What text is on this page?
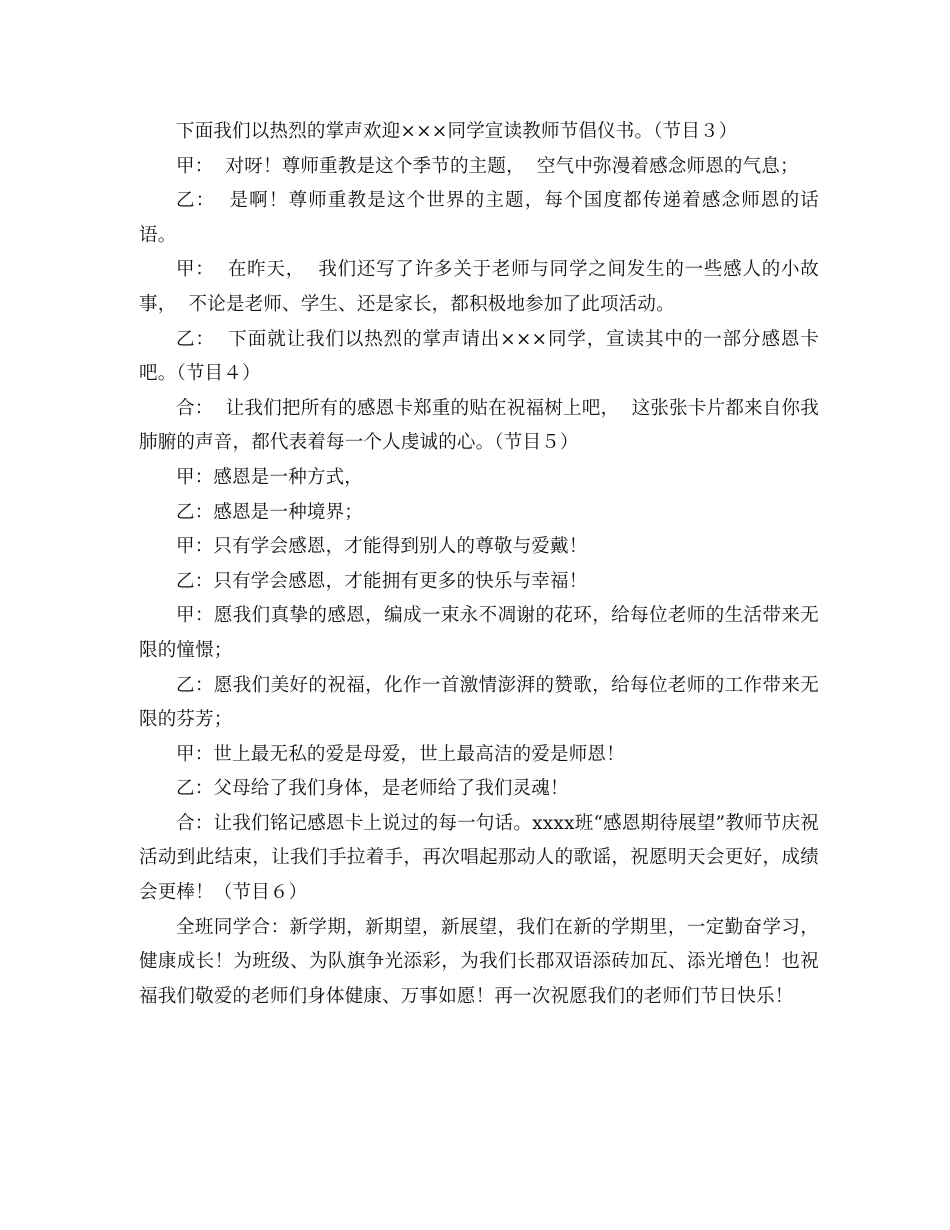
下面我们以热烈的掌声欢迎×××同学宣读教师节倡仪书。（节目３）

甲：  对呀！尊师重教是这个季节的主题，  空气中弥漫着感念师恩的气息；

乙：  是啊！尊师重教是这个世界的主题，每个国度都传递着感念师恩的话语。

甲：  在昨天，  我们还写了许多关于老师与同学之间发生的一些感人的小故事，  不论是老师、学生、还是家长，都积极地参加了此项活动。

乙：  下面就让我们以热烈的掌声请出×××同学，宣读其中的一部分感恩卡吧。（节目４）

合：  让我们把所有的感恩卡郑重的贴在祝福树上吧，  这张张卡片都来自你我肺腑的声音，都代表着每一个人虔诚的心。（节目５）

甲：感恩是一种方式，

乙：感恩是一种境界；

甲：只有学会感恩，才能得到别人的尊敬与爱戴！

乙：只有学会感恩，才能拥有更多的快乐与幸福！

甲：愿我们真挚的感恩，编成一束永不凋谢的花环，给每位老师的生活带来无限的憧憬；

乙：愿我们美好的祝福，化作一首激情澎湃的赞歌，给每位老师的工作带来无限的芬芳；

甲：世上最无私的爱是母爱，世上最高洁的爱是师恩！

乙：父母给了我们身体，是老师给了我们灵魂！

合：让我们铭记感恩卡上说过的每一句话。xxxx班“感恩期待展望”教师节庆祝活动到此结束，让我们手拉着手，再次唱起那动人的歌谣，祝愿明天会更好，成绩会更棒！（节目６）

全班同学合：新学期，新期望，新展望，我们在新的学期里，一定勤奋学习，健康成长！为班级、为队旗争光添彩，为我们长郡双语添砖加瓦、添光增色！也祝福我们敬爱的老师们身体健康、万事如愿！再一次祝愿我们的老师们节日快乐！
